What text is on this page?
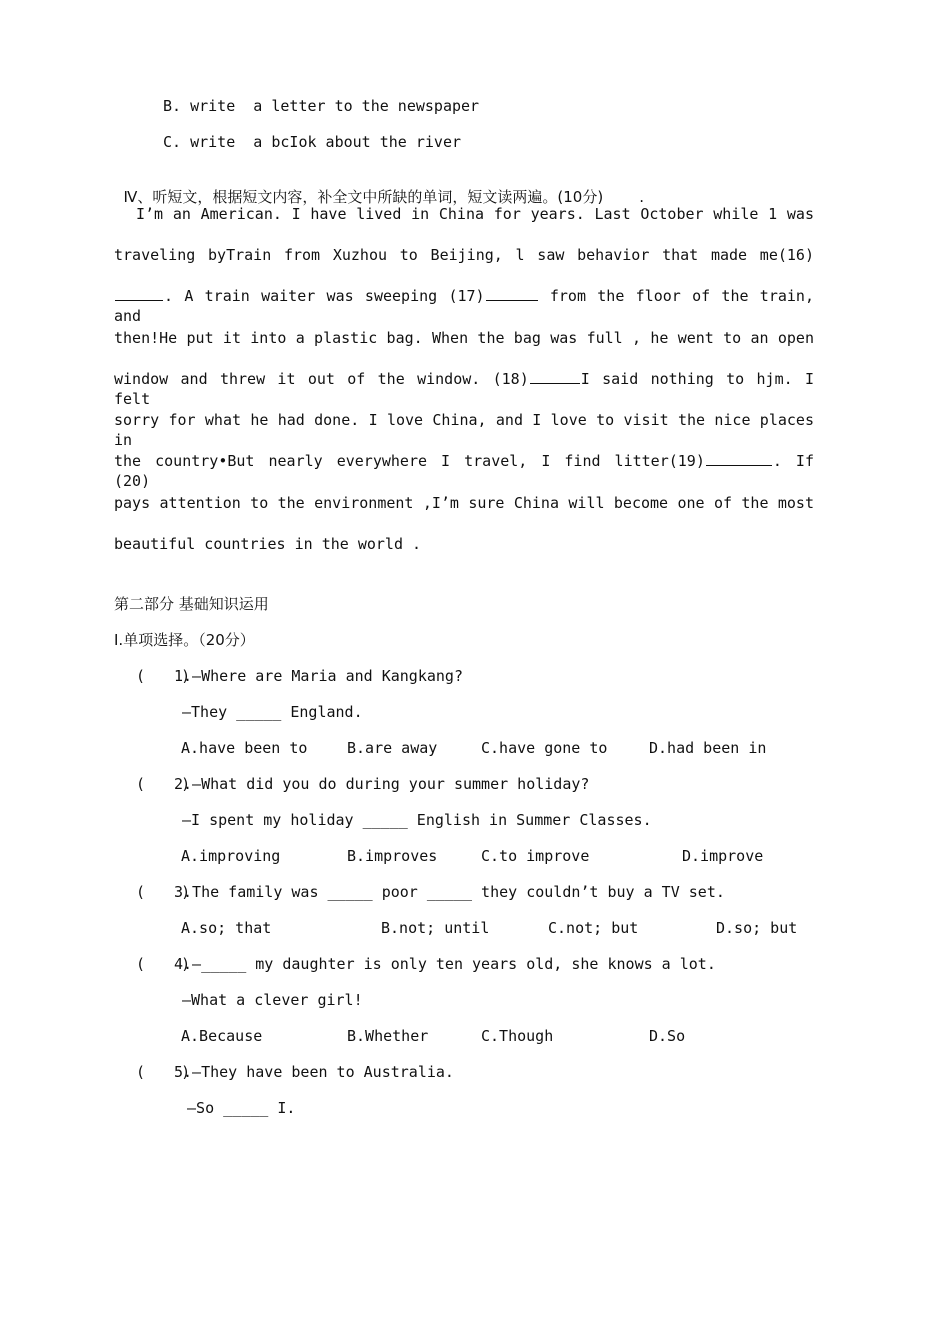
B. write  a letter to the newspaper

C. write  a bcIok about the river

Ⅳ、听短文，根据短文内容，补全文中所缺的单词，短文读两遍。(10分) .

I’m an American. I have lived in China for years. Last October while 1 was

traveling byTrain from Xuzhou to Beijing, l saw behavior that made me(16)

. A train waiter was sweeping (17)	from the floor of the train, and

then!He put it into a plastic bag. When the bag was full , he went to an open

window and threw it out of the window. (18)	I said nothing to hjm. I felt

sorry for what he had done. I love China, and I love to visit the nice places in

the country•But nearly everywhere I travel, I find litter(19)	. If (20)

pays attention to the environment ,I’m sure China will become one of the most

beautiful countries in the world .

第二部分 基础知识运用

Ⅰ.单项选择。（20分）

(    )
1.—Where are Maria and Kangkang?
—They _____ England.
A.have been to	B.are away	C.have gone to	D.had been in
(    )
2.—What did you do during your summer holiday?
—I spent my holiday _____ English in Summer Classes.
A.improving	B.improves	C.to improve	D.improve
(    )
3.The family was _____ poor _____ they couldn’t buy a TV set.
A.so; that	B.not; until	C.not; but	D.so; but
(    )
4.—_____ my daughter is only ten years old, she knows a lot.
—What a clever girl!
A.Because	B.Whether	C.Though	D.So
(    )
5.—They have been to Australia.
—So _____ I.
